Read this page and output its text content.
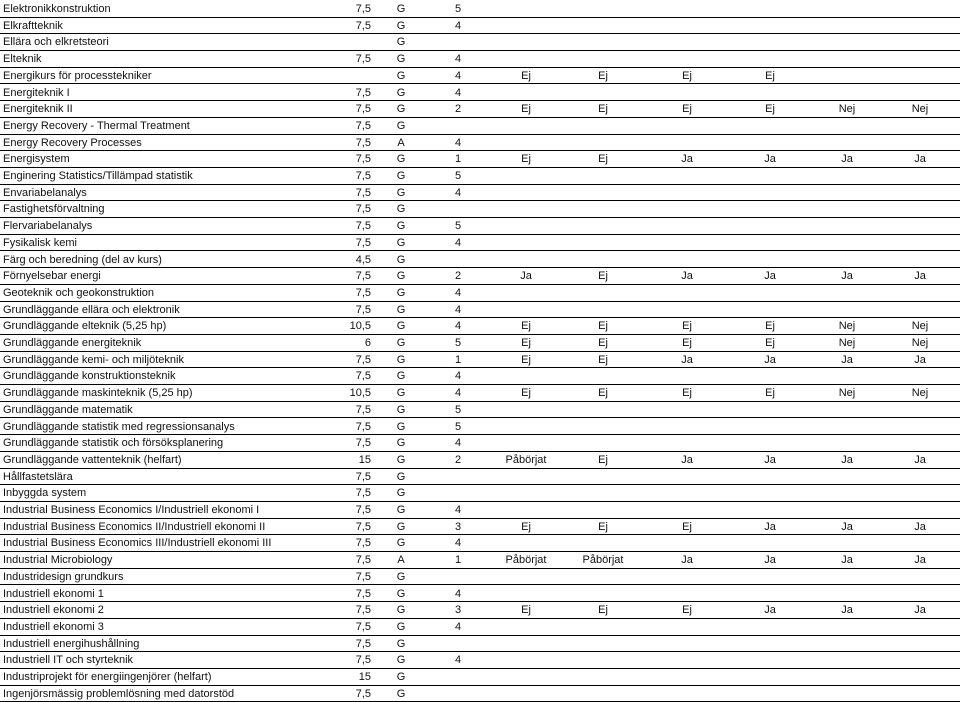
Elektronikkonstruktion	7,5 G	5
Elkraftteknik	7,5 G	4
Ellära och elkretsteori	G
Elteknik	7,5 G	4
Energikurs för processtekniker	G	4	Ej	Ej	Ej	Ej
Energiteknik I	7,5 G	4
Energiteknik II	7,5 G	2	Ej	Ej	Ej	Ej	Nej	Nej
Energy Recovery - Thermal Treatment	7,5 G
Energy Recovery Processes	7,5	A	4
Energisystem	7,5 G	1	Ej	Ej	Ja	Ja	Ja	Ja
Enginering Statistics/Tillämpad statistik	7,5 G	5
Envariabelanalys	7,5 G	4
Fastighetsförvaltning	7,5 G
Flervariabelanalys	7,5 G	5
Fysikalisk kemi	7,5 G	4
Färg och beredning (del av kurs)	4,5 G
Förnyelsebar energi	7,5 G	2	Ja	Ej	Ja	Ja	Ja	Ja
Geoteknik och geokonstruktion	7,5 G	4
Grundläggande ellära och elektronik	7,5 G	4
Grundläggande elteknik (5,25 hp)	10,5 G	4	Ej	Ej	Ej	Ej	Nej	Nej
Grundläggande energiteknik	6 G	5	Ej	Ej	Ej	Ej	Nej	Nej
Grundläggande kemi- och miljöteknik	7,5 G	1	Ej	Ej	Ja	Ja	Ja	Ja
Grundläggande konstruktionsteknik	7,5 G	4
Grundläggande maskinteknik (5,25 hp)	10,5 G	4	Ej	Ej	Ej	Ej	Nej	Nej
Grundläggande matematik	7,5 G	5
Grundläggande statistik med regressionsanalys	7,5 G	5
Grundläggande statistik och försöksplanering	7,5 G	4
Grundläggande vattenteknik (helfart)	15 G	2	Påbörjat	Ej	Ja	Ja	Ja	Ja
Hållfastetslära	7,5 G
Inbyggda system	7,5 G
Industrial Business Economics I/Industriell ekonomi I	7,5 G	4
Industrial Business Economics II/Industriell ekonomi II	7,5 G	3	Ej	Ej	Ej	Ja	Ja	Ja
Industrial Business Economics III/Industriell ekonomi III	7,5 G	4
Industrial Microbiology	7,5	A	1	Påbörjat	Påbörjat	Ja	Ja	Ja	Ja
Industridesign grundkurs	7,5 G
Industriell ekonomi 1	7,5 G	4
Industriell ekonomi 2	7,5 G	3	Ej	Ej	Ej	Ja	Ja	Ja
Industriell ekonomi 3	7,5 G	4
Industriell energihushållning	7,5 G
Industriell IT och styrteknik	7,5 G	4
Industriprojekt för energiingenjörer (helfart)	15 G
Ingenjörsmässig problemlösning med datorstöd	7,5 G
